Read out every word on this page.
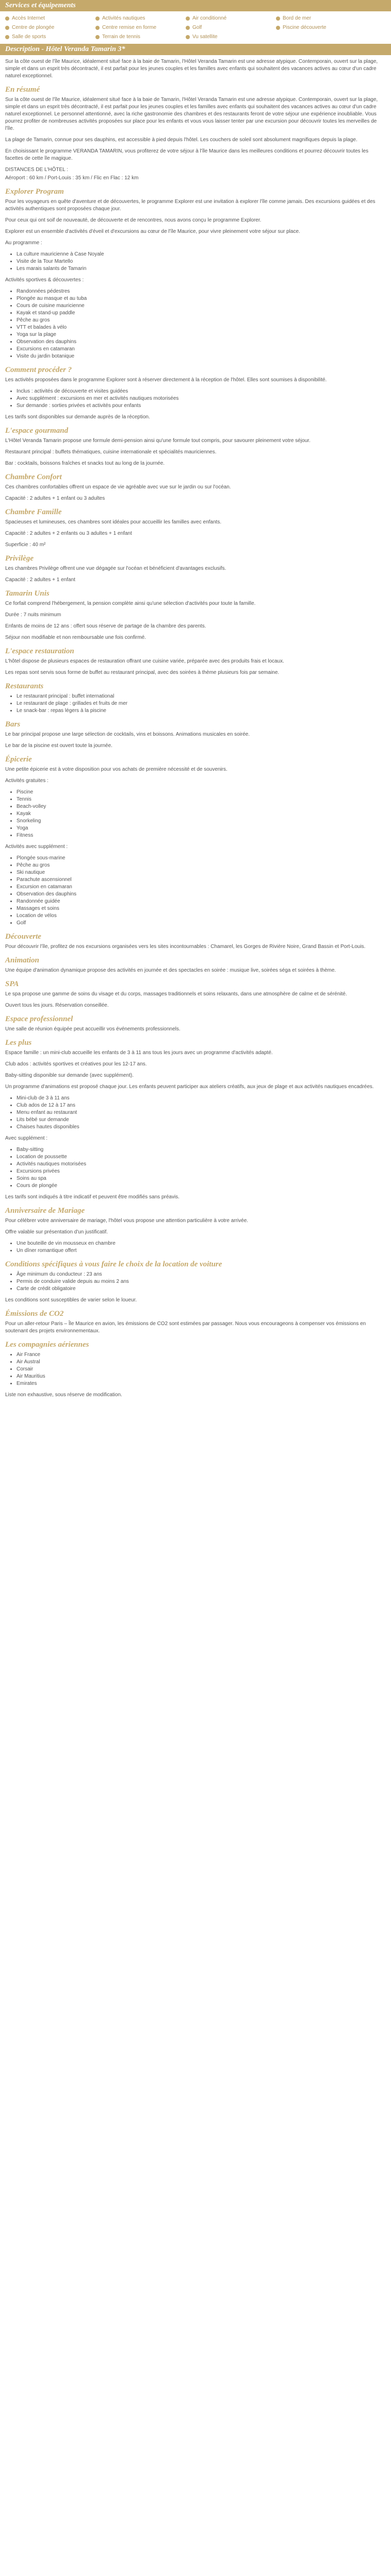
Services et équipements
Accès Internet	Activités nautiques	Air conditionné	Bord de mer
Centre de plongée	Centre remise en forme	Golf	Piscine découverte
Salle de sports	Terrain de tennis	Vu satellite
Description - Hôtel Veranda Tamarin 3*

Sur la côte ouest de l'île Maurice, idéalement situé face à la baie de Tamarin, l'Hôtel Veranda Tamarin est une adresse atypique. Contemporain, ouvert sur la plage, simple et dans un esprit très décontracté, il est parfait pour les jeunes couples et les familles avec enfants qui souhaitent des vacances actives au cœur d'un cadre naturel exceptionnel.

En résumé

Sur la côte ouest de l'île Maurice, idéalement situé face à la baie de Tamarin, l'Hôtel Veranda Tamarin est une adresse atypique. Contemporain, ouvert sur la plage, simple et dans un esprit très décontracté, il est parfait pour les jeunes couples et les familles avec enfants qui souhaitent des vacances actives au cœur d'un cadre naturel exceptionnel. Le personnel attentionné, avec la riche gastronomie des chambres et des restaurants feront de votre séjour une expérience inoubliable. Vous pourrez profiter de nombreuses activités proposées sur place pour les enfants et vous vous laisser tenter par une excursion pour découvrir toutes les merveilles de l'île.

La plage de Tamarin, connue pour ses dauphins, est accessible à pied depuis l'hôtel. Les couchers de soleil sont absolument magnifiques depuis la plage.

En choisissant le programme VERANDA TAMARIN, vous profiterez de votre séjour à l'île Maurice dans les meilleures conditions et pourrez découvrir toutes les facettes de cette île magique.

DISTANCES DE L'HÔTEL :

Aéroport : 60 km / Port-Louis : 35 km / Flic en Flac : 12 km

Explorer Program

Pour les voyageurs en quête d'aventure et de découvertes, le programme Explorer est une invitation à explorer l'île comme jamais. Des excursions guidées et des activités authentiques sont proposées chaque jour.

Pour ceux qui ont soif de nouveauté, de découverte et de rencontres, nous avons conçu le programme Explorer.

Explorer est un ensemble d'activités d'éveil et d'excursions au cœur de l'île Maurice, pour vivre pleinement votre séjour sur place.

Au programme :

• La culture mauricienne à Case Noyale
• Visite de la Tour Martello
• Les marais salants de Tamarin

Activités sportives & découvertes :

• Randonnées pédestres
• Plongée au masque et au tuba
• Cours de cuisine mauricienne
• Kayak et stand-up paddle
• Pêche au gros
• VTT et balades à vélo
• Yoga sur la plage
• Observation des dauphins
• Excursions en catamaran
• Visite du jardin botanique
Comment procéder ?

Les activités proposées dans le programme Explorer sont à réserver directement à la réception de l'hôtel. Elles sont soumises à disponibilité.

• Inclus : activités de découverte et visites guidées
• Avec supplément : excursions en mer et activités nautiques motorisées
• Sur demande : sorties privées et activités pour enfants

Les tarifs sont disponibles sur demande auprès de la réception.

L'espace gourmand

L'Hôtel Veranda Tamarin propose une formule demi-pension ainsi qu'une formule tout compris, pour savourer pleinement votre séjour.

Restaurant principal : buffets thématiques, cuisine internationale et spécialités mauriciennes.

Bar : cocktails, boissons fraîches et snacks tout au long de la journée.

Chambre Confort

Ces chambres confortables offrent un espace de vie agréable avec vue sur le jardin ou sur l'océan.

Capacité : 2 adultes + 1 enfant ou 3 adultes

Chambre Famille

Spacieuses et lumineuses, ces chambres sont idéales pour accueillir les familles avec enfants.

Capacité : 2 adultes + 2 enfants ou 3 adultes + 1 enfant

Superficie : 40 m²

Privilège

Les chambres Privilège offrent une vue dégagée sur l'océan et bénéficient d'avantages exclusifs.

Capacité : 2 adultes + 1 enfant

Tamarin Unis

Ce forfait comprend l'hébergement, la pension complète ainsi qu'une sélection d'activités pour toute la famille.

Durée : 7 nuits minimum

Enfants de moins de 12 ans : offert sous réserve de partage de la chambre des parents.

Séjour non modifiable et non remboursable une fois confirmé.

L'espace restauration

L'hôtel dispose de plusieurs espaces de restauration offrant une cuisine variée, préparée avec des produits frais et locaux.

Les repas sont servis sous forme de buffet au restaurant principal, avec des soirées à thème plusieurs fois par semaine.

Restaurants
• Le restaurant principal : buffet international
• Le restaurant de plage : grillades et fruits de mer
• Le snack-bar : repas légers à la piscine
Bars

Le bar principal propose une large sélection de cocktails, vins et boissons. Animations musicales en soirée.

Le bar de la piscine est ouvert toute la journée.

Épicerie

Une petite épicerie est à votre disposition pour vos achats de première nécessité et de souvenirs.

Activités gratuites :

• Piscine
• Tennis
• Beach-volley
• Kayak
• Snorkeling
• Yoga
• Fitness

Activités avec supplément :

• Plongée sous-marine
• Pêche au gros
• Ski nautique
• Parachute ascensionnel
• Excursion en catamaran
• Observation des dauphins
• Randonnée guidée
• Massages et soins
• Location de vélos
• Golf
Découverte

Pour découvrir l'île, profitez de nos excursions organisées vers les sites incontournables : Chamarel, les Gorges de Rivière Noire, Grand Bassin et Port-Louis.

Animation

Une équipe d'animation dynamique propose des activités en journée et des spectacles en soirée : musique live, soirées séga et soirées à thème.

SPA

Le spa propose une gamme de soins du visage et du corps, massages traditionnels et soins relaxants, dans une atmosphère de calme et de sérénité.

Ouvert tous les jours. Réservation conseillée.

Espace professionnel

Une salle de réunion équipée peut accueillir vos événements professionnels.

Les plus

Espace famille : un mini-club accueille les enfants de 3 à 11 ans tous les jours avec un programme d'activités adapté.

Club ados : activités sportives et créatives pour les 12-17 ans.

Baby-sitting disponible sur demande (avec supplément).

Un programme d'animations est proposé chaque jour. Les enfants peuvent participer aux ateliers créatifs, aux jeux de plage et aux activités nautiques encadrées.

• Mini-club de 3 à 11 ans
• Club ados de 12 à 17 ans
• Menu enfant au restaurant
• Lits bébé sur demande
• Chaises hautes disponibles

Avec supplément :

• Baby-sitting
• Location de poussette
• Activités nautiques motorisées
• Excursions privées
• Soins au spa
• Cours de plongée

Les tarifs sont indiqués à titre indicatif et peuvent être modifiés sans préavis.

Anniversaire de Mariage

Pour célébrer votre anniversaire de mariage, l'hôtel vous propose une attention particulière à votre arrivée.

Offre valable sur présentation d'un justificatif.

• Une bouteille de vin mousseux en chambre
• Un dîner romantique offert
Conditions spécifiques à vous faire le choix de la location de voiture
• Âge minimum du conducteur : 23 ans
• Permis de conduire valide depuis au moins 2 ans
• Carte de crédit obligatoire

Les conditions sont susceptibles de varier selon le loueur.

Émissions de CO2

Pour un aller-retour Paris – Île Maurice en avion, les émissions de CO2 sont estimées par passager. Nous vous encourageons à compenser vos émissions en soutenant des projets environnementaux.

Les compagnies aériennes
• Air France
• Air Austral
• Corsair
• Air Mauritius
• Emirates

Liste non exhaustive, sous réserve de modification.
